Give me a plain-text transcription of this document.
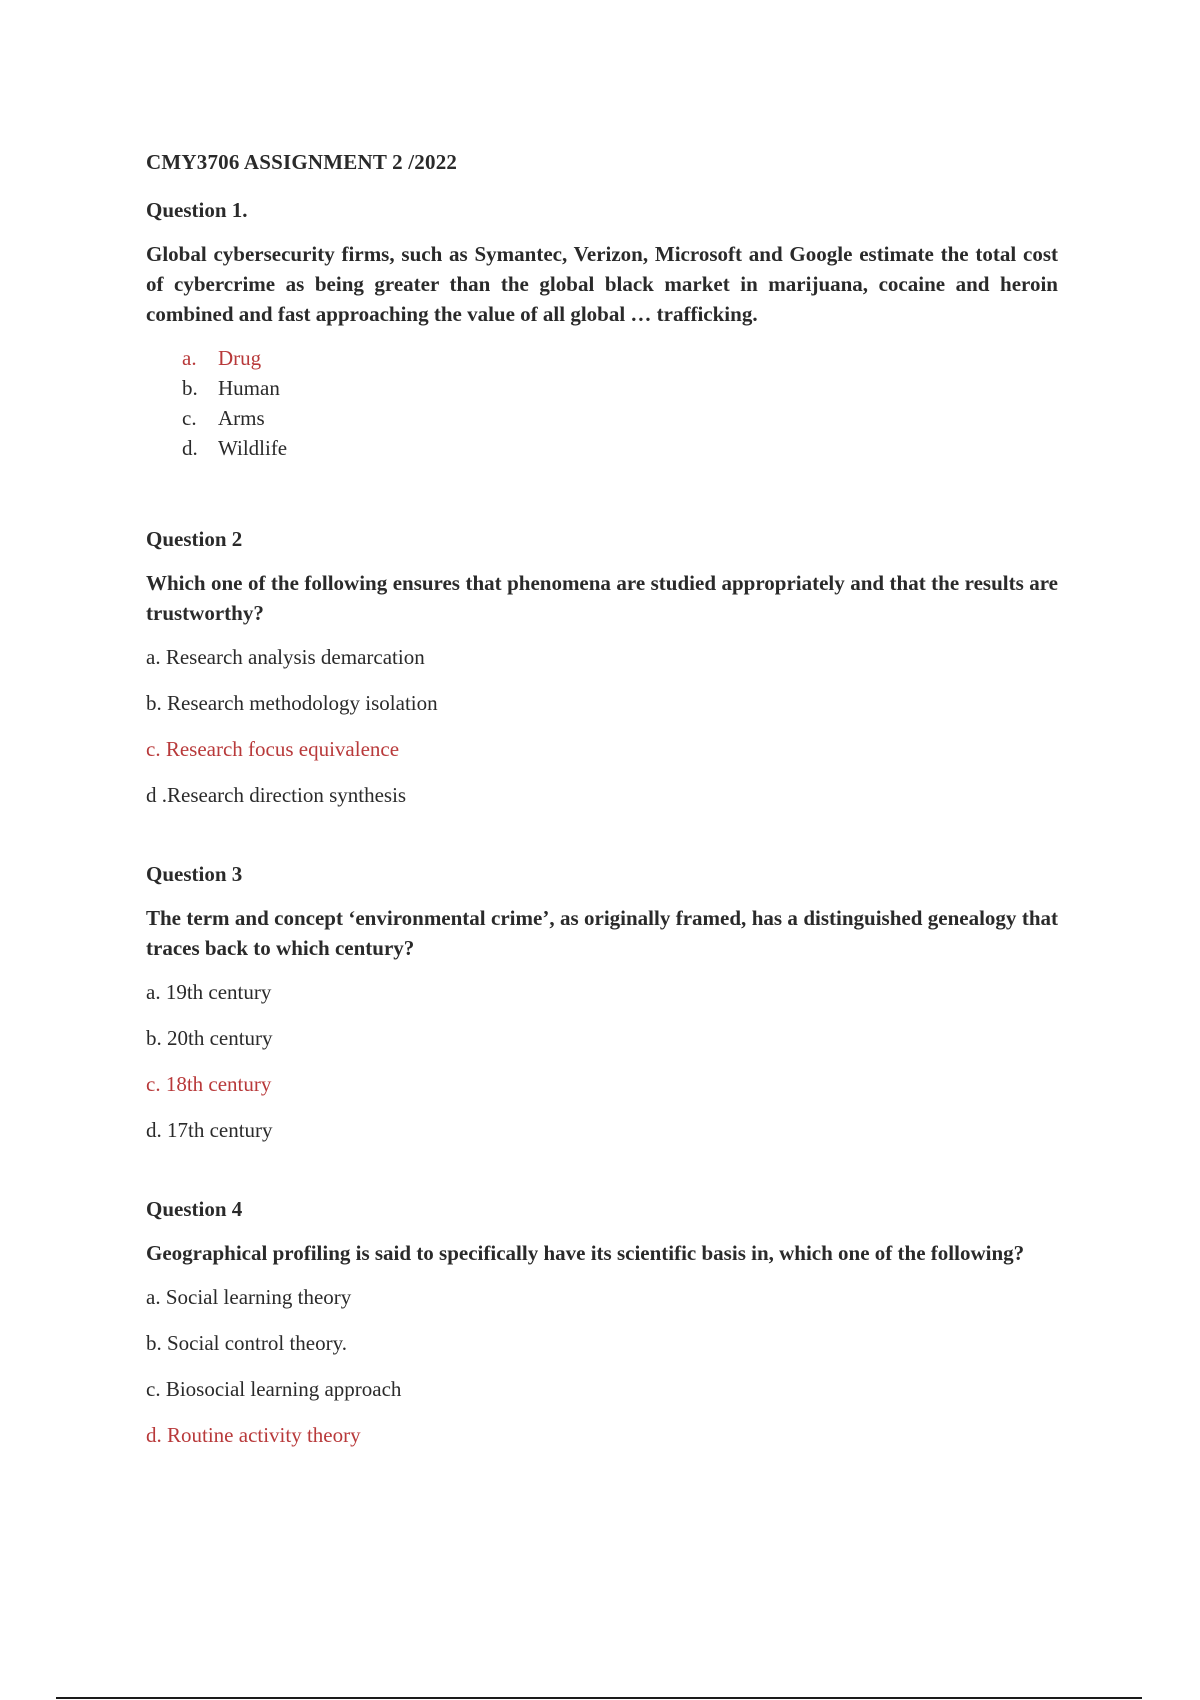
CMY3706 ASSIGNMENT 2 /2022
Question 1.
Global cybersecurity firms, such as Symantec, Verizon, Microsoft and Google estimate the total cost of cybercrime as being greater than the global black market in marijuana, cocaine and heroin combined and fast approaching the value of all global … trafficking.
a.	Drug
b. Human
c.	Arms
d. Wildlife
Question 2
Which one of the following ensures that phenomena are studied appropriately and that the results are trustworthy?
a. Research analysis demarcation
b. Research methodology isolation
c. Research focus equivalence
d .Research direction synthesis
Question 3
The term and concept ‘environmental crime’, as originally framed, has a distinguished genealogy that traces back to which century?
a. 19th century
b. 20th century
c. 18th century
d. 17th century
Question 4
Geographical profiling is said to specifically have its scientific basis in, which one of the following?
a. Social learning theory
b. Social control theory.
c. Biosocial learning approach
d. Routine activity theory
